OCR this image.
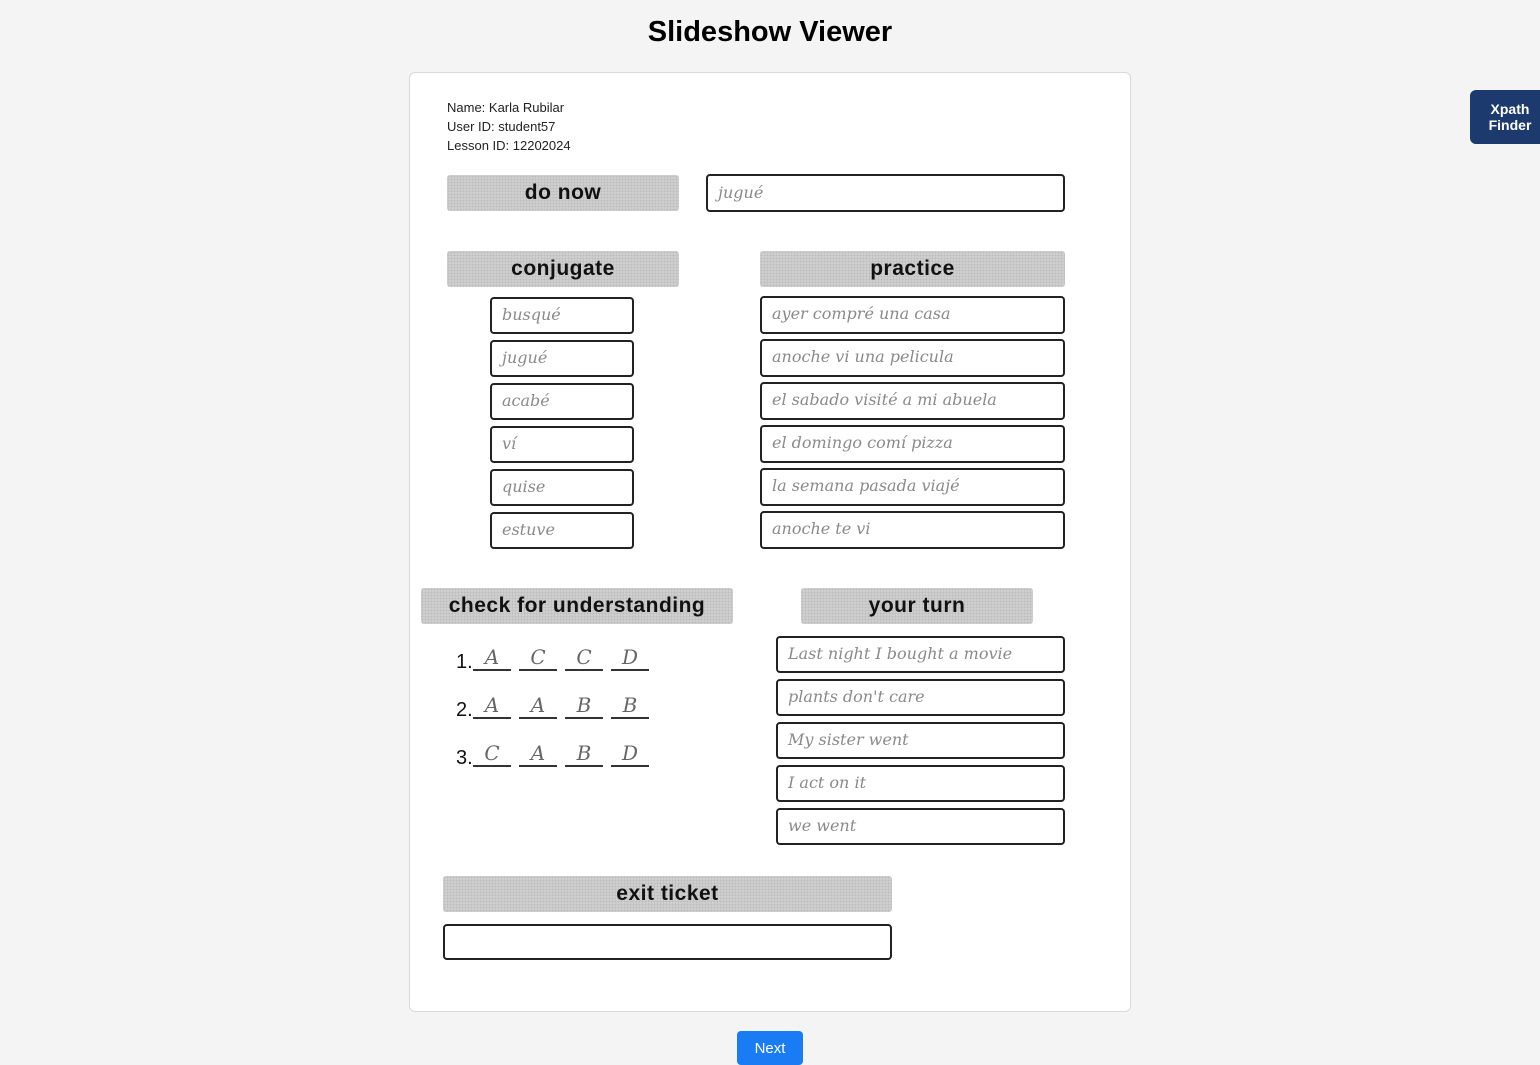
Slideshow Viewer
Xpath
Finder
Name: Karla Rubilar
User ID: student57
Lesson ID: 12202024
do now	jugué
conjugate
busqué
jugué
acabé
ví
quise
estuve
practice
ayer compré una casa
anoche vi una pelicula
el sabado visité a mi abuela
el domingo comí pizza
la semana pasada viajé
anoche te vi
check for understanding
1. A	C	C	D
2. A	A	B	B
3. C	A	B	D
your turn
Last night I bought a movie
plants don't care
My sister went
I act on it
we went
exit ticket
Next
